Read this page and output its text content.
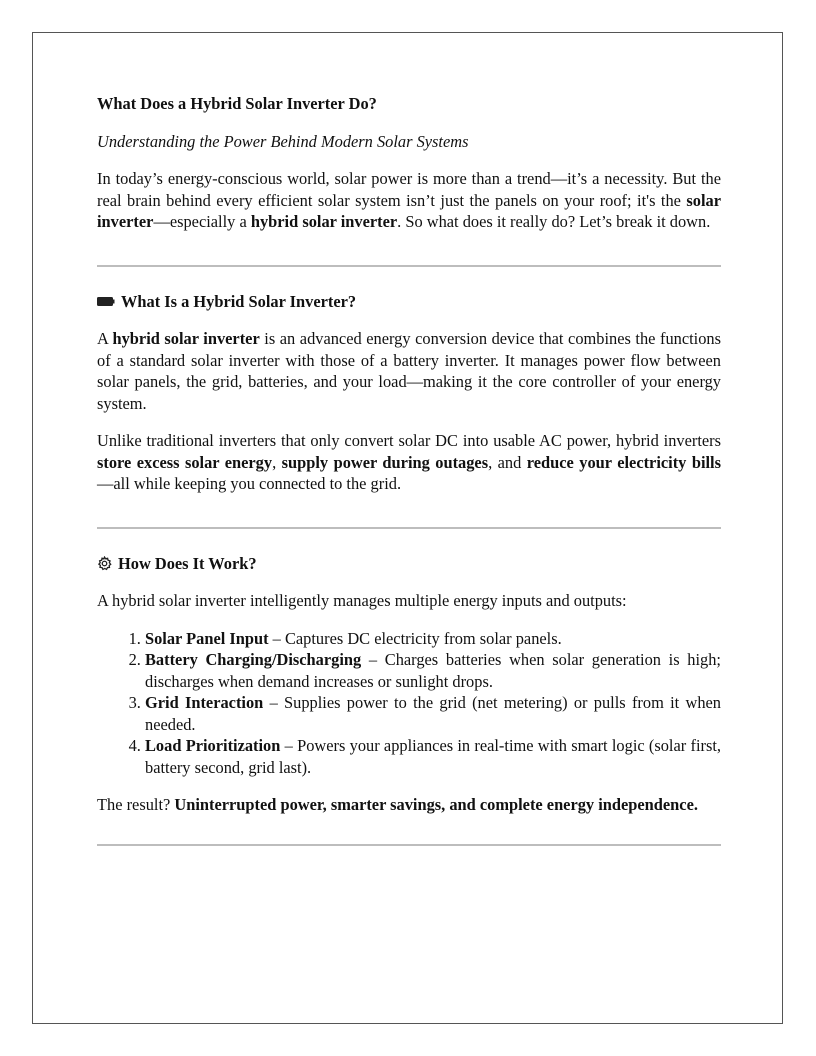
What Does a Hybrid Solar Inverter Do?
Understanding the Power Behind Modern Solar Systems

In today’s energy-conscious world, solar power is more than a trend—it’s a necessity. But the real brain behind every efficient solar system isn’t just the panels on your roof; it's the solar inverter—especially a hybrid solar inverter. So what does it really do? Let’s break it down.

What Is a Hybrid Solar Inverter?

A hybrid solar inverter is an advanced energy conversion device that combines the functions of a standard solar inverter with those of a battery inverter. It manages power flow between solar panels, the grid, batteries, and your load—making it the core controller of your energy system.

Unlike traditional inverters that only convert solar DC into usable AC power, hybrid inverters store excess solar energy, supply power during outages, and reduce your electricity bills—all while keeping you connected to the grid.

How Does It Work?

A hybrid solar inverter intelligently manages multiple energy inputs and outputs:

1. Solar Panel Input – Captures DC electricity from solar panels.
2. Battery Charging/Discharging – Charges batteries when solar generation is high; discharges when demand increases or sunlight drops.
3. Grid Interaction – Supplies power to the grid (net metering) or pulls from it when needed.
4. Load Prioritization – Powers your appliances in real-time with smart logic (solar first, battery second, grid last).

The result? Uninterrupted power, smarter savings, and complete energy independence.
